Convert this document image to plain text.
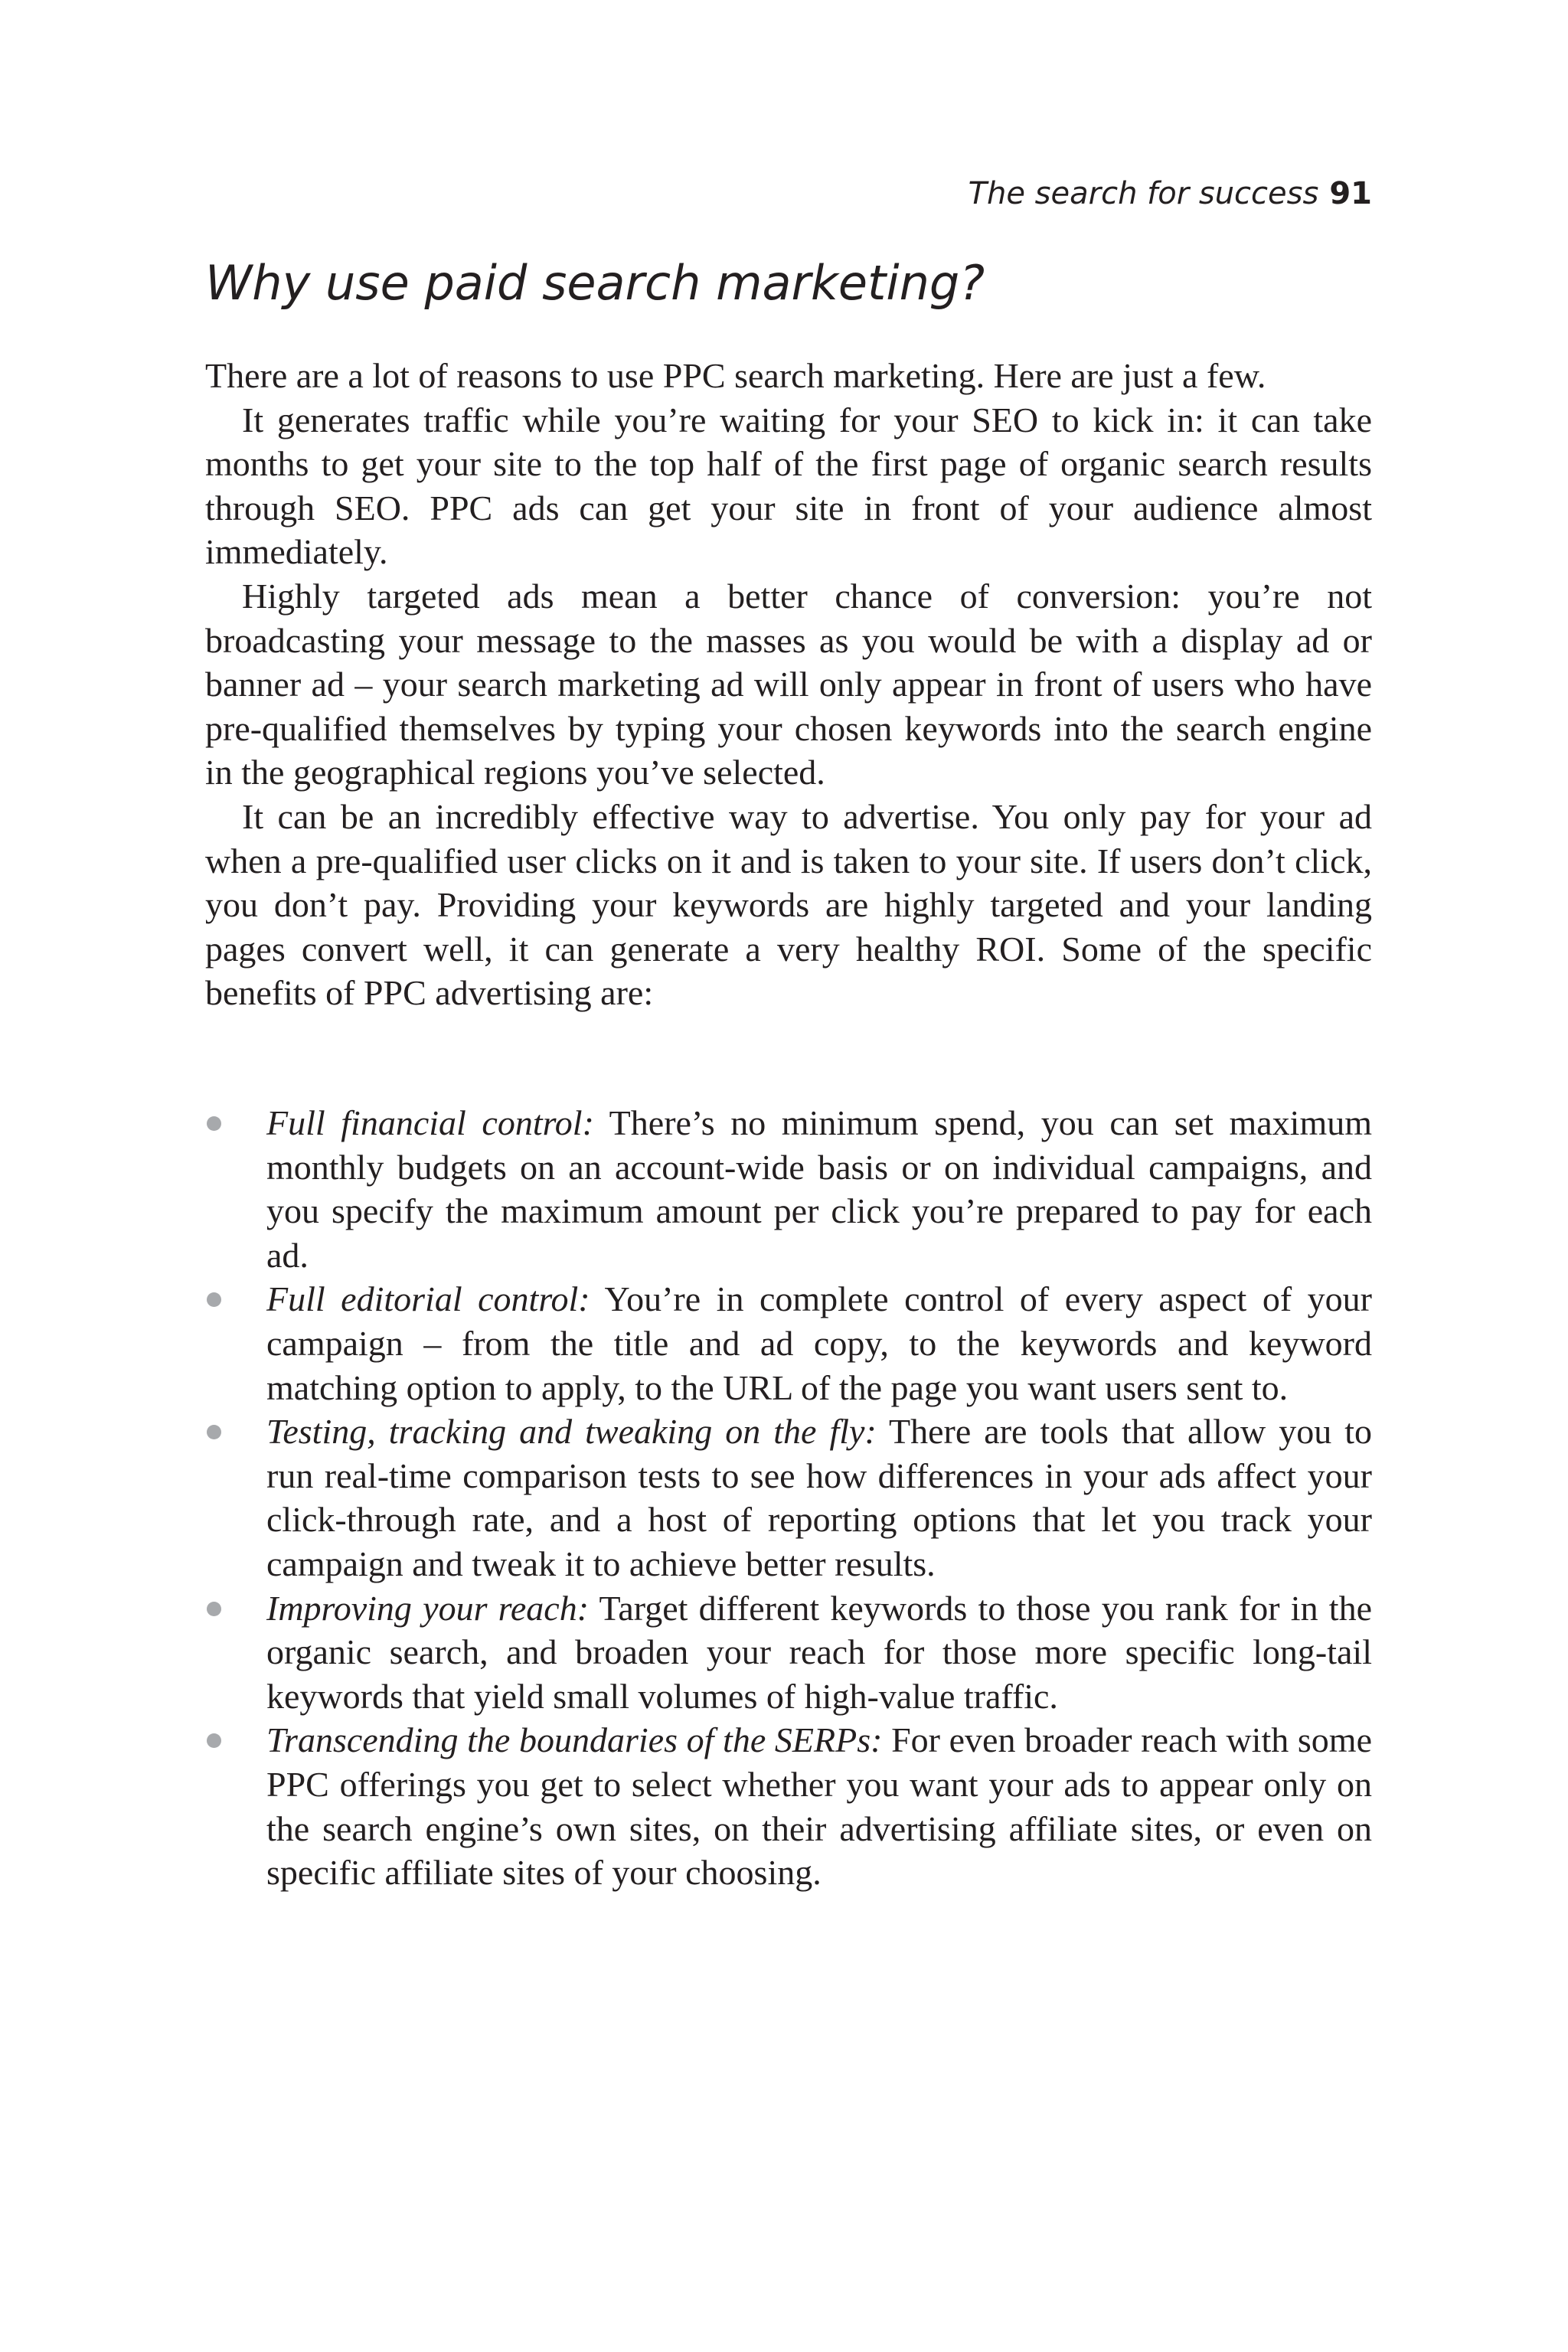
The search for success 91
Why use paid search marketing?

There are a lot of reasons to use PPC search marketing. Here are just a few.

It generates traffic while you’re waiting for your SEO to kick in: it can take months to get your site to the top half of the first page of organic search results through SEO. PPC ads can get your site in front of your audience almost immediately.

Highly targeted ads mean a better chance of conversion: you’re not broadcasting your message to the masses as you would be with a display ad or banner ad – your search marketing ad will only appear in front of users who have pre-qualified themselves by typing your chosen keywords into the search engine in the geographical regions you’ve selected.

It can be an incredibly effective way to advertise. You only pay for your ad when a pre-qualified user clicks on it and is taken to your site. If users don’t click, you don’t pay. Providing your keywords are highly targeted and your landing pages convert well, it can generate a very healthy ROI. Some of the specific benefits of PPC advertising are:

Full financial control: There’s no minimum spend, you can set maximum monthly budgets on an account-wide basis or on individual campaigns, and you specify the maximum amount per click you’re prepared to pay for each ad.
Full editorial control: You’re in complete control of every aspect of your campaign – from the title and ad copy, to the keywords and keyword matching option to apply, to the URL of the page you want users sent to.
Testing, tracking and tweaking on the fly: There are tools that allow you to run real-time comparison tests to see how differences in your ads affect your click-through rate, and a host of reporting options that let you track your campaign and tweak it to achieve better results.
Improving your reach: Target different keywords to those you rank for in the organic search, and broaden your reach for those more specific long-tail keywords that yield small volumes of high-value traffic.
Transcending the boundaries of the SERPs: For even broader reach with some PPC offerings you get to select whether you want your ads to appear only on the search engine’s own sites, on their advertising affiliate sites, or even on specific affiliate sites of your choosing.
